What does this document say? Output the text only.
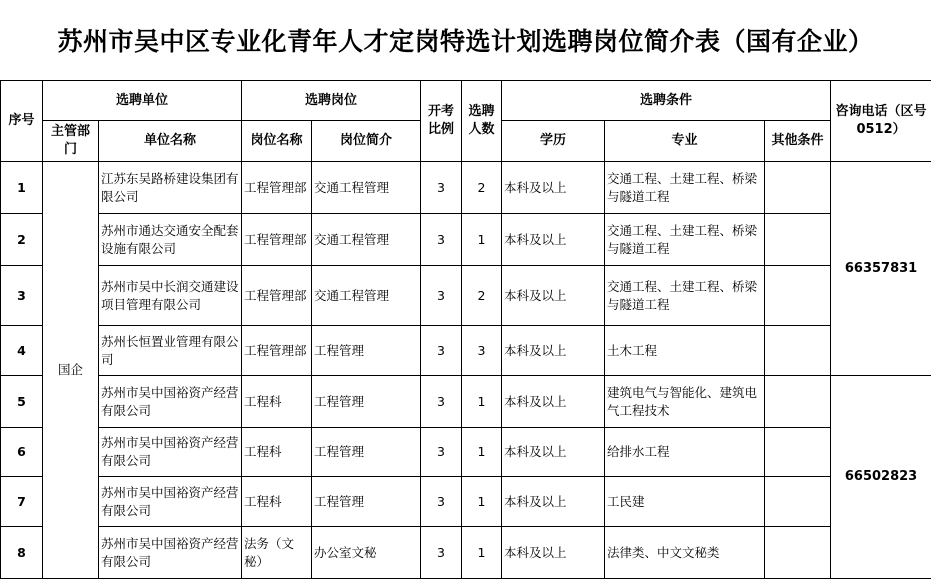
苏州市吴中区专业化青年人才定岗特选计划选聘岗位简介表（国有企业）
序号	选聘单位		选聘岗位		开考比例	选聘人数	选聘条件			咨询电话（区号0512）
	主管部门	单位名称	岗位名称	岗位简介			学历	专业	其他条件	
1	国企	江苏东吴路桥建设集团有限公司	工程管理部	交通工程管理	3	2	本科及以上	交通工程、土建工程、桥梁与隧道工程		66357831
2		苏州市通达交通安全配套设施有限公司	工程管理部	交通工程管理	3	1	本科及以上	交通工程、土建工程、桥梁与隧道工程		
3		苏州市吴中长润交通建设项目管理有限公司	工程管理部	交通工程管理	3	2	本科及以上	交通工程、土建工程、桥梁与隧道工程		
4		苏州长恒置业管理有限公司	工程管理部	工程管理	3	3	本科及以上	土木工程		
5		苏州市吴中国裕资产经营有限公司	工程科	工程管理	3	1	本科及以上	建筑电气与智能化、建筑电气工程技术		66502823
6		苏州市吴中国裕资产经营有限公司	工程科	工程管理	3	1	本科及以上	给排水工程		
7		苏州市吴中国裕资产经营有限公司	工程科	工程管理	3	1	本科及以上	工民建		
8		苏州市吴中国裕资产经营有限公司	法务（文秘）	办公室文秘	3	1	本科及以上	法律类、中文文秘类		
